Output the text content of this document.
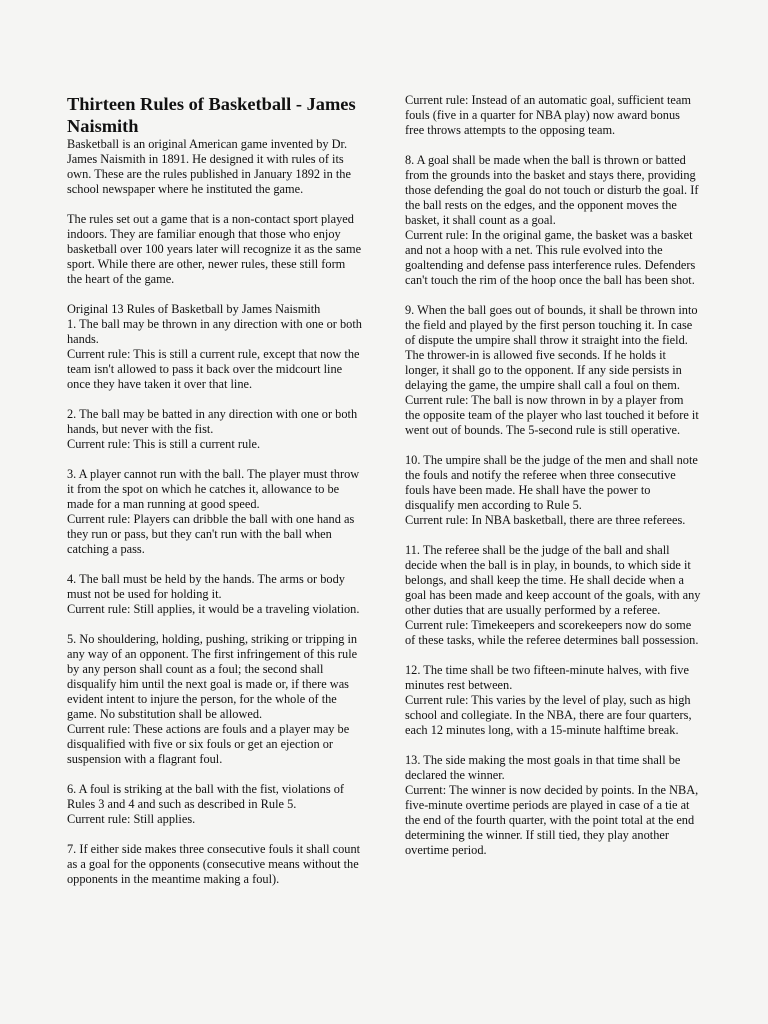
Thirteen Rules of Basketball - James Naismith
Basketball is an original American game invented by Dr. James Naismith in 1891. He designed it with rules of its own. These are the rules published in January 1892 in the school newspaper where he instituted the game.
The rules set out a game that is a non-contact sport played indoors. They are familiar enough that those who enjoy basketball over 100 years later will recognize it as the same sport. While there are other, newer rules, these still form the heart of the game.
Original 13 Rules of Basketball by James Naismith
1. The ball may be thrown in any direction with one or both hands.
Current rule: This is still a current rule, except that now the team isn't allowed to pass it back over the midcourt line once they have taken it over that line.
2. The ball may be batted in any direction with one or both hands, but never with the fist.
Current rule: This is still a current rule.
3. A player cannot run with the ball. The player must throw it from the spot on which he catches it, allowance to be made for a man running at good speed.
Current rule: Players can dribble the ball with one hand as they run or pass, but they can't run with the ball when catching a pass.
4. The ball must be held by the hands. The arms or body must not be used for holding it.
Current rule: Still applies, it would be a traveling violation.
5. No shouldering, holding, pushing, striking or tripping in any way of an opponent. The first infringement of this rule by any person shall count as a foul; the second shall disqualify him until the next goal is made or, if there was evident intent to injure the person, for the whole of the game. No substitution shall be allowed.
Current rule: These actions are fouls and a player may be disqualified with five or six fouls or get an ejection or suspension with a flagrant foul.
6. A foul is striking at the ball with the fist, violations of Rules 3 and 4 and such as described in Rule 5.
Current rule: Still applies.
7. If either side makes three consecutive fouls it shall count as a goal for the opponents (consecutive means without the opponents in the meantime making a foul).
Current rule: Instead of an automatic goal, sufficient team fouls (five in a quarter for NBA play) now award bonus free throws attempts to the opposing team.
8. A goal shall be made when the ball is thrown or batted from the grounds into the basket and stays there, providing those defending the goal do not touch or disturb the goal. If the ball rests on the edges, and the opponent moves the basket, it shall count as a goal.
Current rule: In the original game, the basket was a basket and not a hoop with a net. This rule evolved into the goaltending and defense pass interference rules. Defenders can't touch the rim of the hoop once the ball has been shot.
9. When the ball goes out of bounds, it shall be thrown into the field and played by the first person touching it. In case of dispute the umpire shall throw it straight into the field. The thrower-in is allowed five seconds. If he holds it longer, it shall go to the opponent. If any side persists in delaying the game, the umpire shall call a foul on them.
Current rule: The ball is now thrown in by a player from the opposite team of the player who last touched it before it went out of bounds. The 5-second rule is still operative.
10. The umpire shall be the judge of the men and shall note the fouls and notify the referee when three consecutive fouls have been made. He shall have the power to disqualify men according to Rule 5.
Current rule: In NBA basketball, there are three referees.
11. The referee shall be the judge of the ball and shall decide when the ball is in play, in bounds, to which side it belongs, and shall keep the time. He shall decide when a goal has been made and keep account of the goals, with any other duties that are usually performed by a referee.
Current rule: Timekeepers and scorekeepers now do some of these tasks, while the referee determines ball possession.
12. The time shall be two fifteen-minute halves, with five minutes rest between.
Current rule: This varies by the level of play, such as high school and collegiate. In the NBA, there are four quarters, each 12 minutes long, with a 15-minute halftime break.
13. The side making the most goals in that time shall be declared the winner.
Current: The winner is now decided by points. In the NBA, five-minute overtime periods are played in case of a tie at the end of the fourth quarter, with the point total at the end determining the winner. If still tied, they play another overtime period.
